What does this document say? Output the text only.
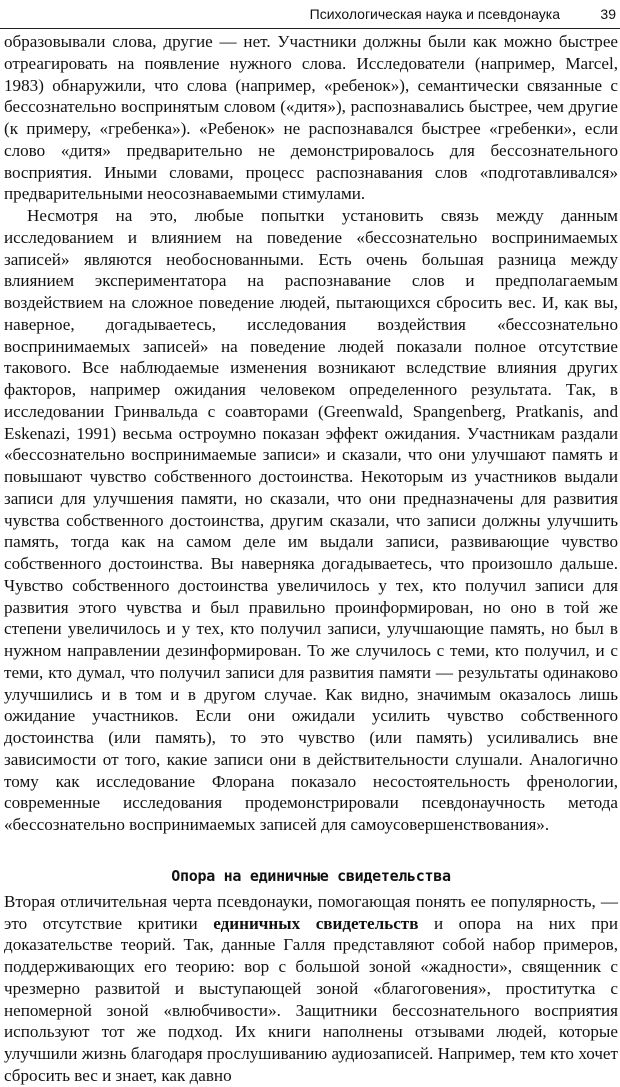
Психологическая наука и псевдонаука	39

образовывали слова, другие — нет. Участники должны были как можно быстрее отреагировать на появление нужного слова. Исследователи (например, Marcel, 1983) обнаружили, что слова (например, «ребенок»), семантически связанные с бессознательно воспринятым словом («дитя»), распознавались быстрее, чем другие (к примеру, «гребенка»). «Ребенок» не распознавался быстрее «гребенки», если слово «дитя» предварительно не демонстрировалось для бессознательного восприятия. Иными словами, процесс распознавания слов «подготавливался» предварительными неосознаваемыми стимулами.

Несмотря на это, любые попытки установить связь между данным исследованием и влиянием на поведение «бессознательно воспринимаемых записей» являются необоснованными. Есть очень большая разница между влиянием экспериментатора на распознавание слов и предполагаемым воздействием на сложное поведение людей, пытающихся сбросить вес. И, как вы, наверное, догадываетесь, исследования воздействия «бессознательно воспринимаемых записей» на поведение людей показали полное отсутствие такового. Все наблюдаемые изменения возникают вследствие влияния других факторов, например ожидания человеком определенного результата. Так, в исследовании Гринвальда с соавторами (Greenwald, Spangenberg, Pratkanis, and Eskenazi, 1991) весьма остроумно показан эффект ожидания. Участникам раздали «бессознательно воспринимаемые записи» и сказали, что они улучшают память и повышают чувство собственного достоинства. Некоторым из участников выдали записи для улучшения памяти, но сказали, что они предназначены для развития чувства собственного достоинства, другим сказали, что записи должны улучшить память, тогда как на самом деле им выдали записи, развивающие чувство собственного достоинства. Вы наверняка догадываетесь, что произошло дальше. Чувство собственного достоинства увеличилось у тех, кто получил записи для развития этого чувства и был правильно проинформирован, но оно в той же степени увеличилось и у тех, кто получил записи, улучшающие память, но был в нужном направлении дезинформирован. То же случилось с теми, кто получил, и с теми, кто думал, что получил записи для развития памяти — результаты одинаково улучшились и в том и в другом случае. Как видно, значимым оказалось лишь ожидание участников. Если они ожидали усилить чувство собственного достоинства (или память), то это чувство (или память) усиливались вне зависимости от того, какие записи они в действительности слушали. Аналогично тому как исследование Флорана показало несостоятельность френологии, современные исследования продемонстрировали псевдонаучность метода «бессознательно воспринимаемых записей для самоусовершенствования».

Опора на единичные свидетельства

Вторая отличительная черта псевдонауки, помогающая понять ее популярность, — это отсутствие критики единичных свидетельств и опора на них при доказательстве теорий. Так, данные Галля представляют собой набор примеров, поддерживающих его теорию: вор с большой зоной «жадности», священник с чрезмерно развитой и выступающей зоной «благоговения», проститутка с непомерной зоной «влюбчивости». Защитники бессознательного восприятия используют тот же подход. Их книги наполнены отзывами людей, которые улучшили жизнь благодаря прослушиванию аудиозаписей. Например, тем кто хочет сбросить вес и знает, как давно
